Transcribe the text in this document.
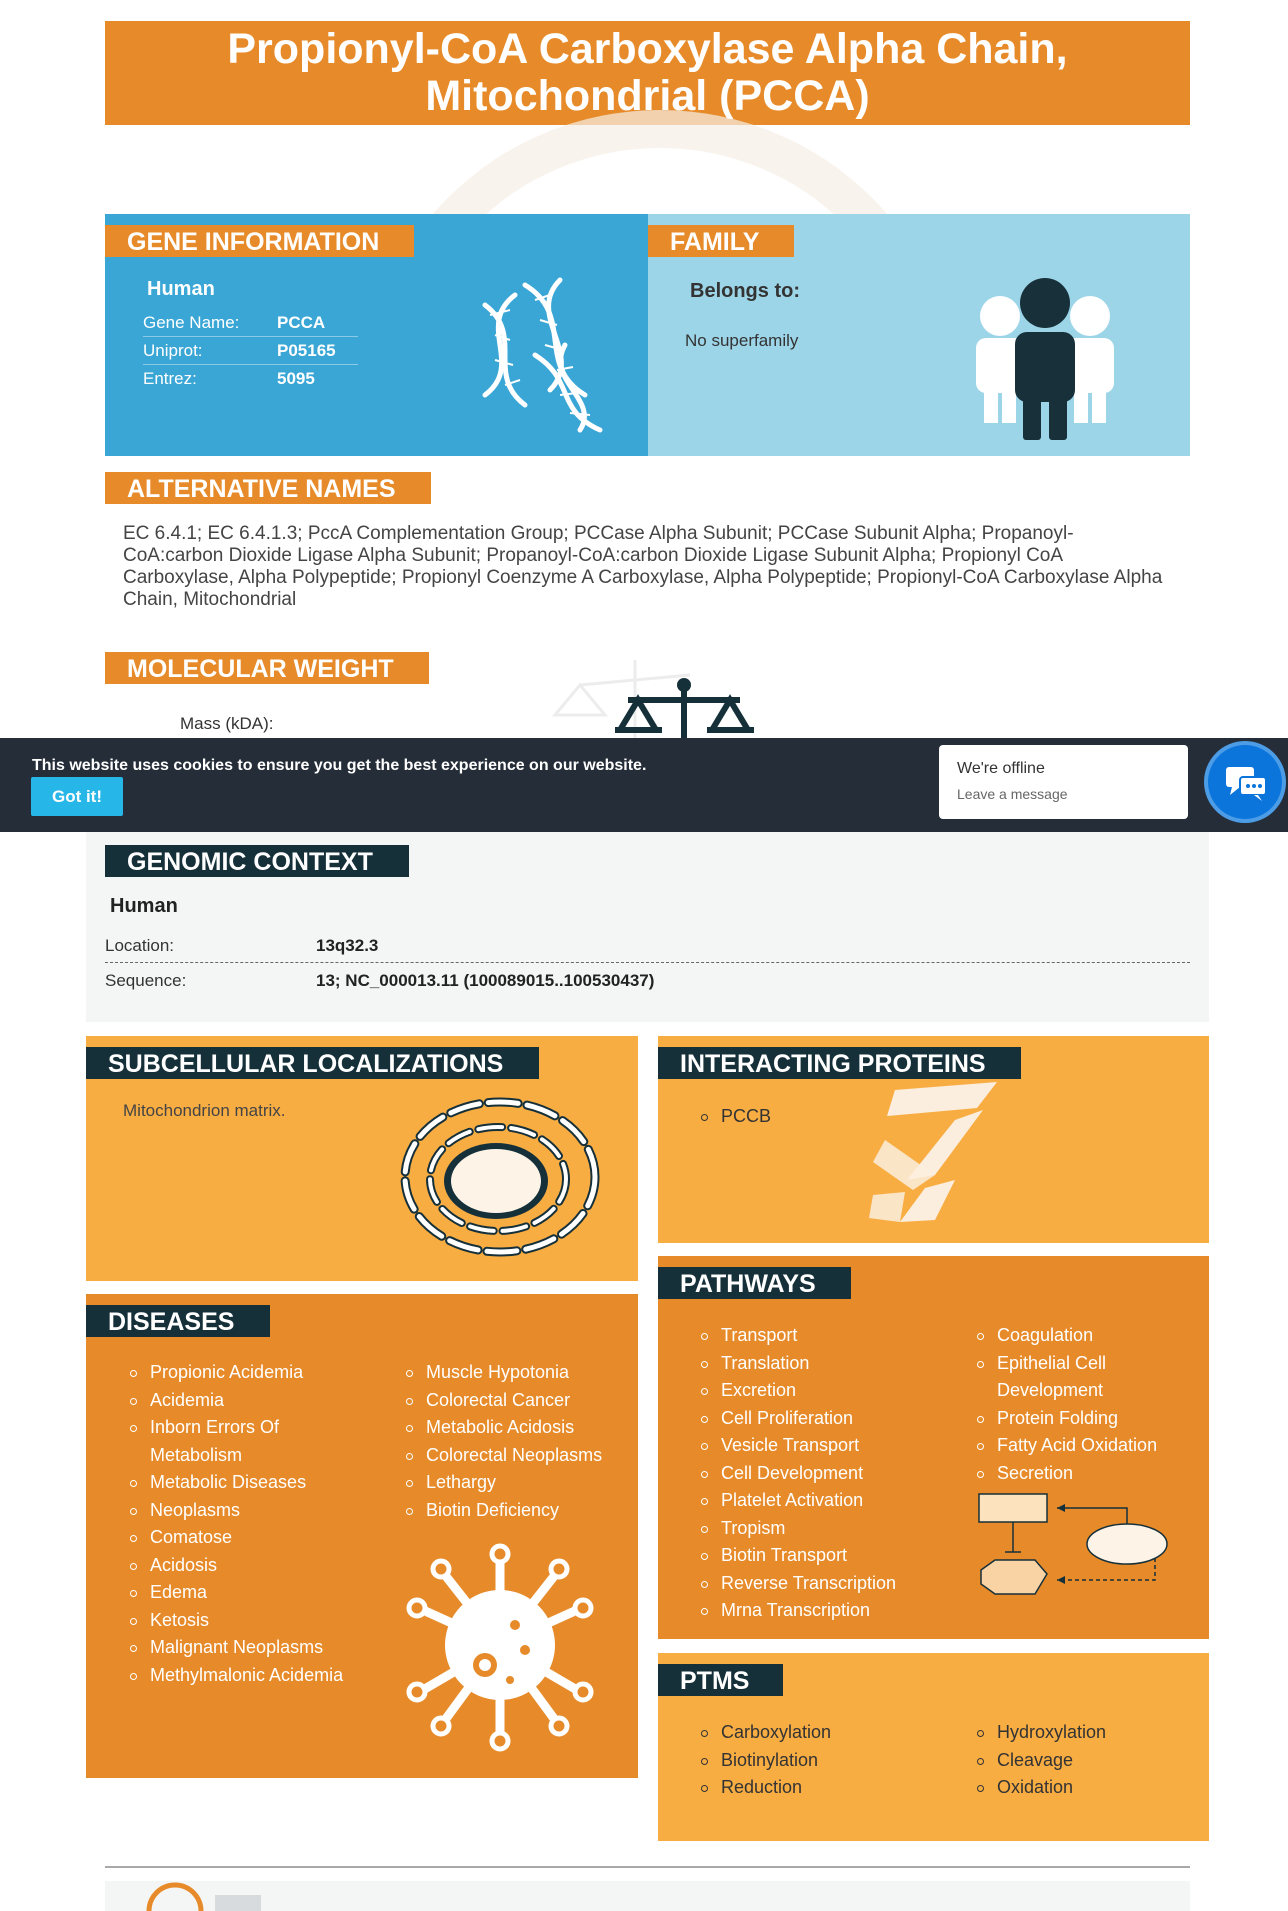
Propionyl-CoA Carboxylase Alpha Chain,
Mitochondrial (PCCA)
GENE INFORMATION
Human
Gene Name:	PCCA
Uniprot:	P05165
Entrez:	5095
FAMILY
Belongs to:
No superfamily
ALTERNATIVE NAMES
EC 6.4.1; EC 6.4.1.3; PccA Complementation Group; PCCase Alpha Subunit; PCCase Subunit Alpha; Propanoyl-CoA:carbon Dioxide Ligase Alpha Subunit; Propanoyl-CoA:carbon Dioxide Ligase Subunit Alpha; Propionyl CoA Carboxylase, Alpha Polypeptide; Propionyl Coenzyme A Carboxylase, Alpha Polypeptide; Propionyl-CoA Carboxylase Alpha Chain, Mitochondrial
MOLECULAR WEIGHT
Mass (kDA):
This website uses cookies to ensure you get the best experience on our website.
Got it!
We're offline
Leave a message
GENOMIC CONTEXT
Human
Location:	13q32.3
Sequence:	13; NC_000013.11 (100089015..100530437)
SUBCELLULAR LOCALIZATIONS
Mitochondrion matrix.
INTERACTING PROTEINS
PCCB
DISEASES
Propionic Acidemia
Acidemia
Inborn Errors Of Metabolism
Metabolic Diseases
Neoplasms
Comatose
Acidosis
Edema
Ketosis
Malignant Neoplasms
Methylmalonic Acidemia
Muscle Hypotonia
Colorectal Cancer
Metabolic Acidosis
Colorectal Neoplasms
Lethargy
Biotin Deficiency
PATHWAYS
Transport
Translation
Excretion
Cell Proliferation
Vesicle Transport
Cell Development
Platelet Activation
Tropism
Biotin Transport
Reverse Transcription
Mrna Transcription
Coagulation
Epithelial Cell Development
Protein Folding
Fatty Acid Oxidation
Secretion
PTMS
Carboxylation
Biotinylation
Reduction
Hydroxylation
Cleavage
Oxidation
